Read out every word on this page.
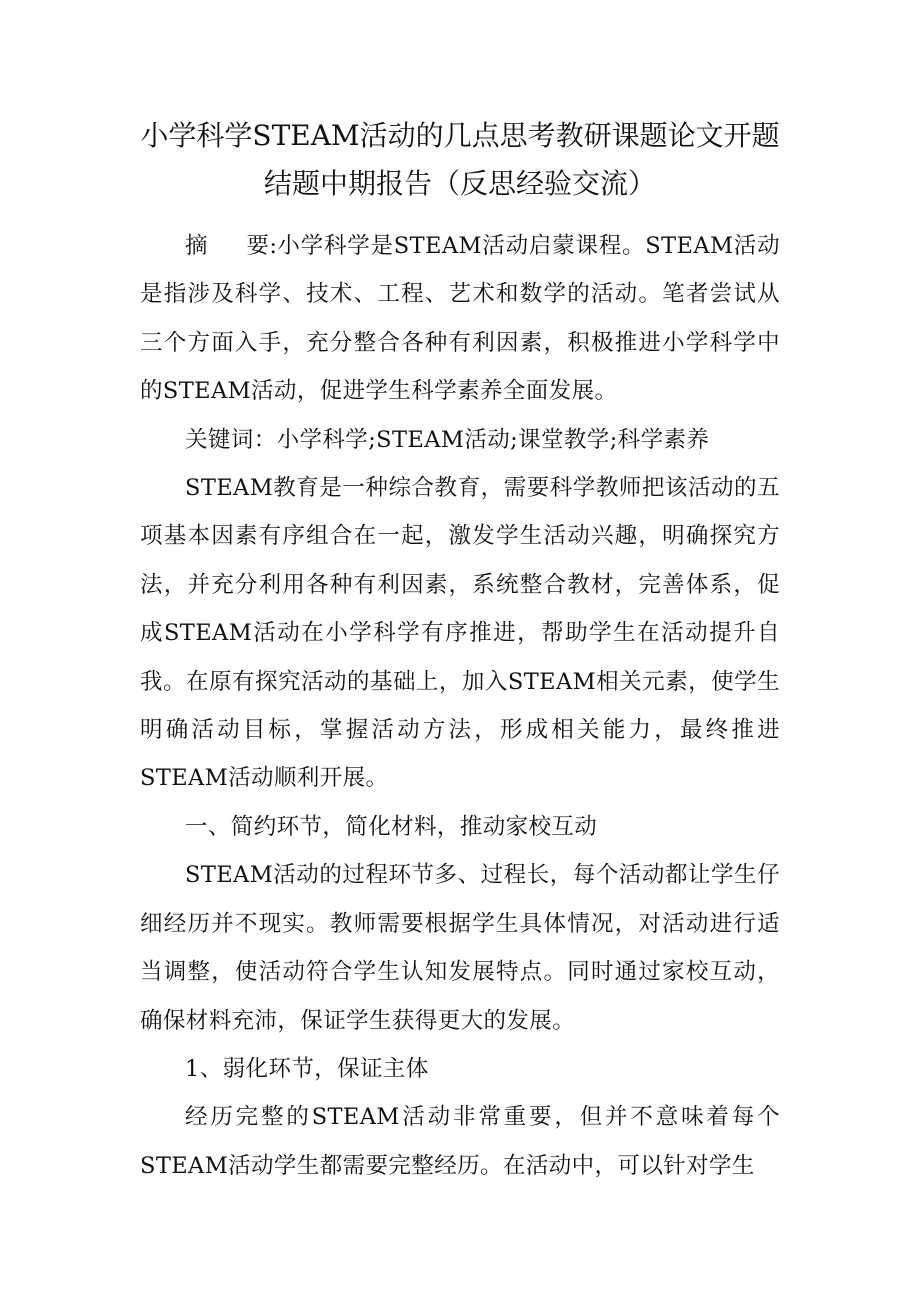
小学科学STEAM活动的几点思考教研课题论文开题结题中期报告（反思经验交流）

摘 要:小学科学是STEAM活动启蒙课程。STEAM活动是指涉及科学、技术、工程、艺术和数学的活动。笔者尝试从三个方面入手，充分整合各种有利因素，积极推进小学科学中的STEAM活动，促进学生科学素养全面发展。

关键词：小学科学;STEAM活动;课堂教学;科学素养

STEAM教育是一种综合教育，需要科学教师把该活动的五项基本因素有序组合在一起，激发学生活动兴趣，明确探究方法，并充分利用各种有利因素，系统整合教材，完善体系，促成STEAM活动在小学科学有序推进，帮助学生在活动提升自我。在原有探究活动的基础上，加入STEAM相关元素，使学生明确活动目标，掌握活动方法，形成相关能力，最终推进STEAM活动顺利开展。

一、简约环节，简化材料，推动家校互动

STEAM活动的过程环节多、过程长，每个活动都让学生仔细经历并不现实。教师需要根据学生具体情况，对活动进行适当调整，使活动符合学生认知发展特点。同时通过家校互动，确保材料充沛，保证学生获得更大的发展。

1、弱化环节，保证主体

经历完整的STEAM活动非常重要，但并不意味着每个STEAM活动学生都需要完整经历。在活动中，可以针对学生
